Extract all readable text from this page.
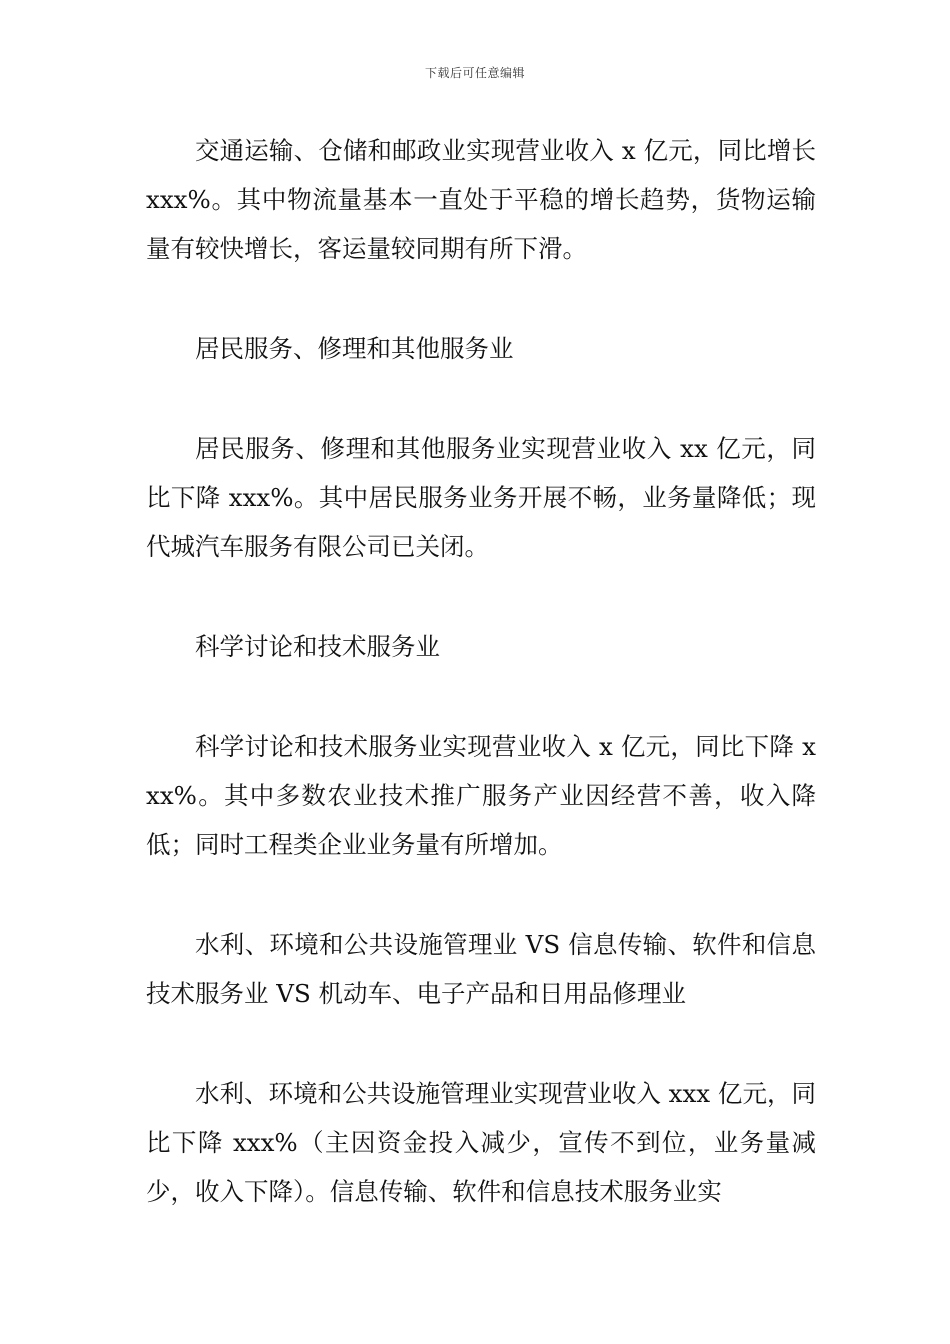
下载后可任意编辑

交通运输、仓储和邮政业实现营业收入 x 亿元，同比增长 xxx%。其中物流量基本一直处于平稳的增长趋势，货物运输量有较快增长，客运量较同期有所下滑。

居民服务、修理和其他服务业

居民服务、修理和其他服务业实现营业收入 xx 亿元，同比下降 xxx%。其中居民服务业务开展不畅，业务量降低；现代城汽车服务有限公司已关闭。

科学讨论和技术服务业

科学讨论和技术服务业实现营业收入 x 亿元，同比下降 xxx%。其中多数农业技术推广服务产业因经营不善，收入降低；同时工程类企业业务量有所增加。

水利、环境和公共设施管理业 VS 信息传输、软件和信息技术服务业 VS 机动车、电子产品和日用品修理业

水利、环境和公共设施管理业实现营业收入 xxx 亿元，同比下降 xxx%（主因资金投入减少，宣传不到位，业务量减少，收入下降）。信息传输、软件和信息技术服务业实
